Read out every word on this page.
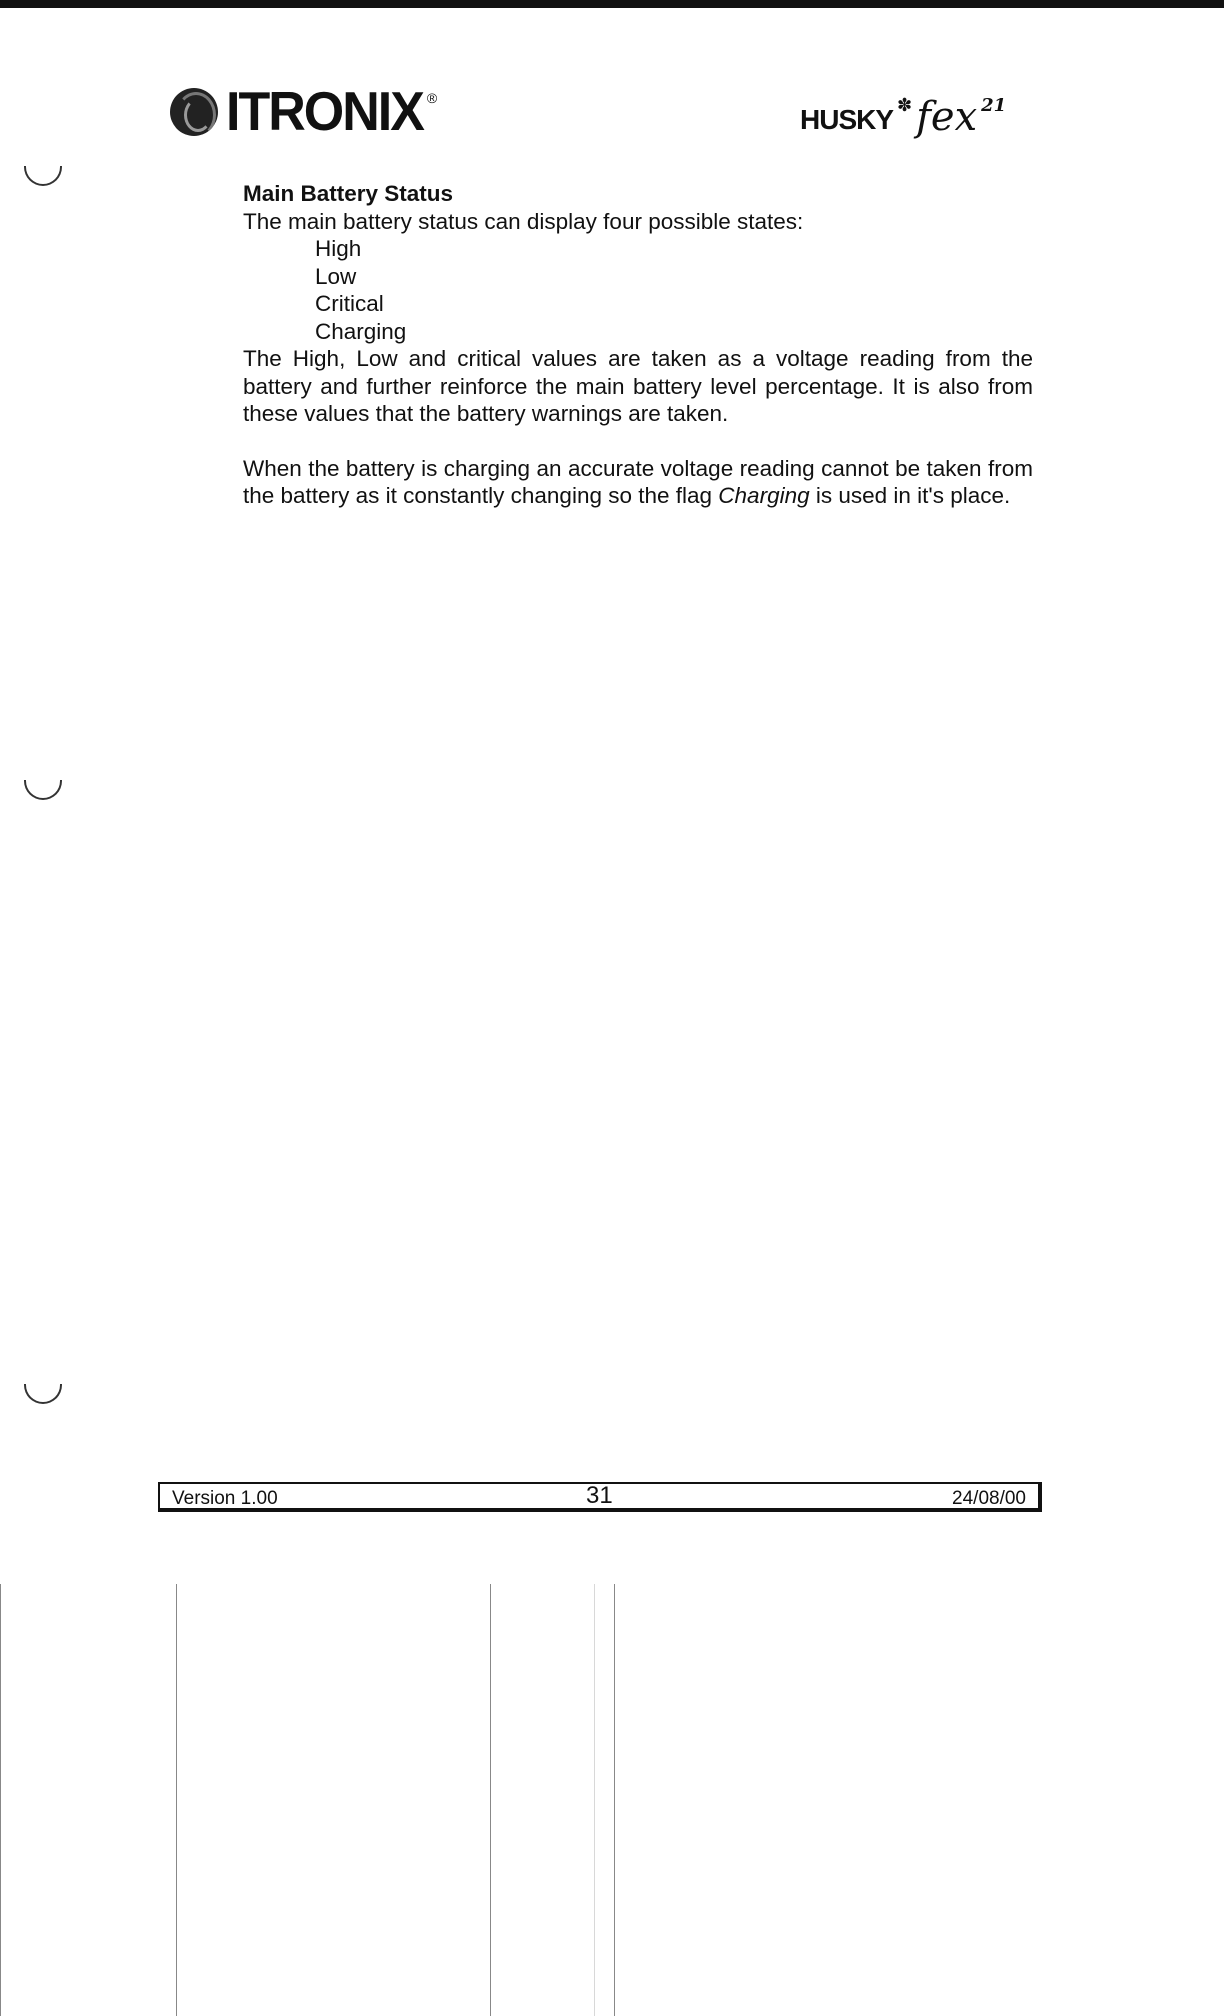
ITRONIX ®
HUSKY ✽ fex 21
Main Battery Status
The main battery status can display four possible states:
High
Low
Critical
Charging

The High, Low and critical values are taken as a voltage reading from the battery and further reinforce the main battery level percentage. It is also from these values that the battery warnings are taken.

When the battery is charging an accurate voltage reading cannot be taken from the battery as it constantly changing so the flag Charging is used in it's place.

Version 1.00	31	24/08/00
